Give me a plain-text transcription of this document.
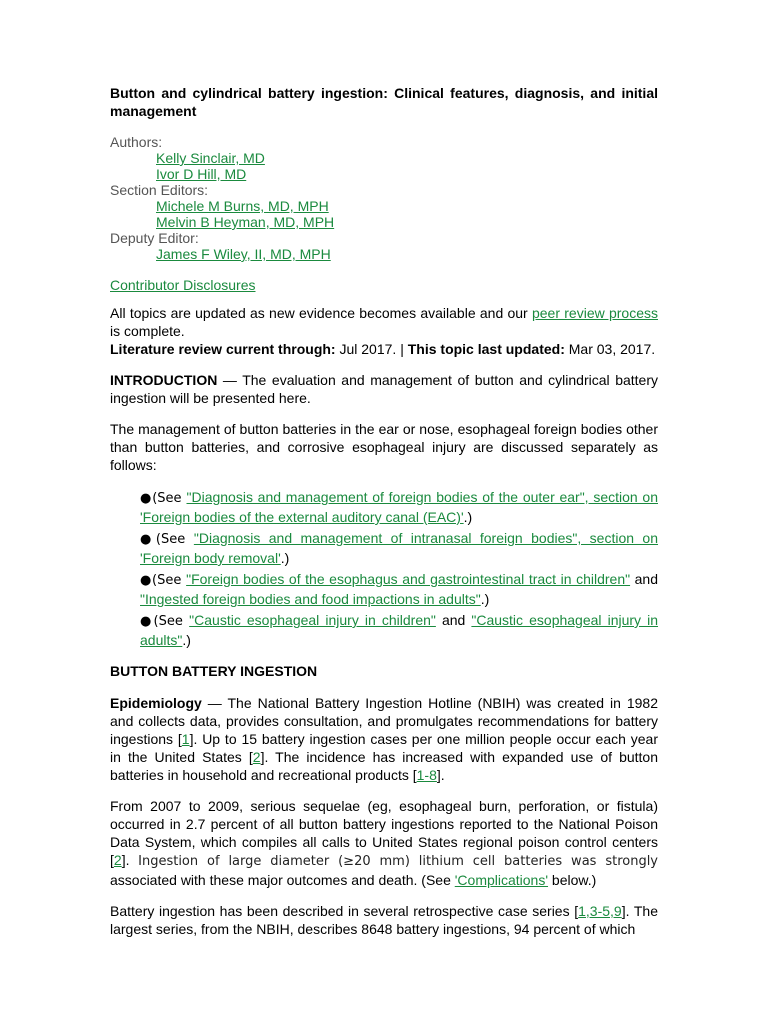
Button and cylindrical battery ingestion: Clinical features, diagnosis, and initial management
Authors:
Kelly Sinclair, MD
Ivor D Hill, MD
Section Editors:
Michele M Burns, MD, MPH
Melvin B Heyman, MD, MPH
Deputy Editor:
James F Wiley, II, MD, MPH
Contributor Disclosures

All topics are updated as new evidence becomes available and our peer review process is complete.

Literature review current through: Jul 2017. | This topic last updated: Mar 03, 2017.

INTRODUCTION — The evaluation and management of button and cylindrical battery ingestion will be presented here.

The management of button batteries in the ear or nose, esophageal foreign bodies other than button batteries, and corrosive esophageal injury are discussed separately as follows:

●(See "Diagnosis and management of foreign bodies of the outer ear", section on 'Foreign bodies of the external auditory canal (EAC)'.)
●(See "Diagnosis and management of intranasal foreign bodies", section on 'Foreign body removal'.)
●(See "Foreign bodies of the esophagus and gastrointestinal tract in children" and "Ingested foreign bodies and food impactions in adults".)
●(See "Caustic esophageal injury in children" and "Caustic esophageal injury in adults".)
BUTTON BATTERY INGESTION

Epidemiology — The National Battery Ingestion Hotline (NBIH) was created in 1982 and collects data, provides consultation, and promulgates recommendations for battery ingestions [1]. Up to 15 battery ingestion cases per one million people occur each year in the United States [2]. The incidence has increased with expanded use of button batteries in household and recreational products [1-8].

From 2007 to 2009, serious sequelae (eg, esophageal burn, perforation, or fistula) occurred in 2.7 percent of all button battery ingestions reported to the National Poison Data System, which compiles all calls to United States regional poison control centers [2]. Ingestion of large diameter (≥20 mm) lithium cell batteries was strongly associated with these major outcomes and death. (See 'Complications' below.)

Battery ingestion has been described in several retrospective case series [1,3-5,9]. The largest series, from the NBIH, describes 8648 battery ingestions, 94 percent of which
